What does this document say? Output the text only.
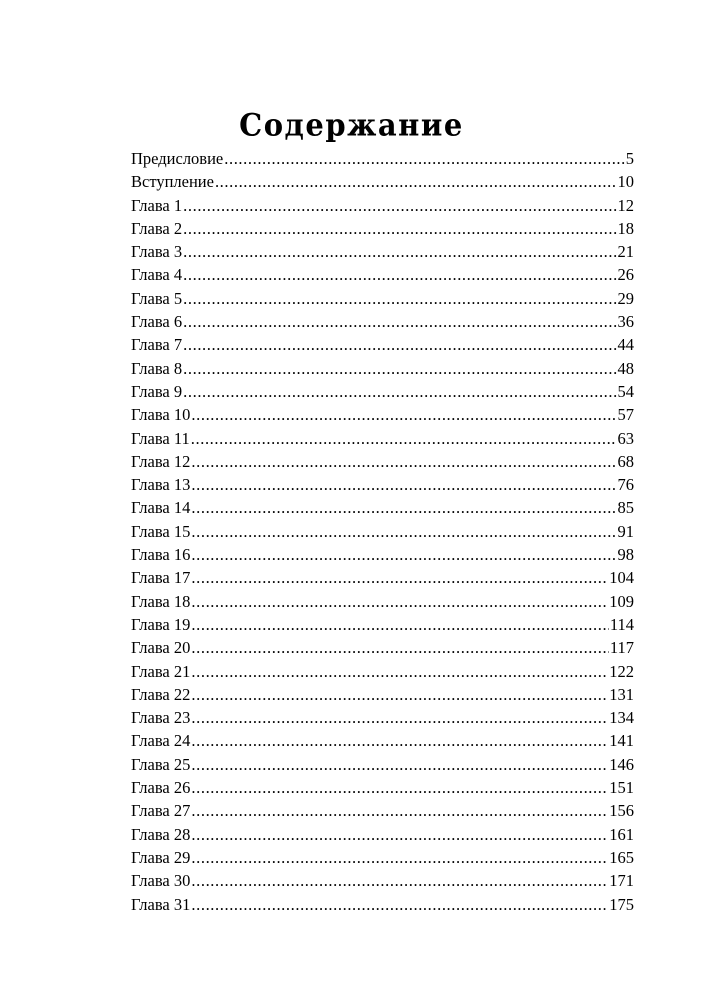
Содержание
Предисловие .....	5
Вступление .....	10
Глава 1 .....	12
Глава 2 .....	18
Глава 3 .....	21
Глава 4 .....	26
Глава 5 .....	29
Глава 6 .....	36
Глава 7 .....	44
Глава 8 .....	48
Глава 9 .....	54
Глава 10 .....	57
Глава 11 .....	63
Глава 12 .....	68
Глава 13 .....	76
Глава 14 .....	85
Глава 15 .....	91
Глава 16 .....	98
Глава 17 .....	104
Глава 18 .....	109
Глава 19 .....	114
Глава 20 .....	117
Глава 21 .....	122
Глава 22 .....	131
Глава 23 .....	134
Глава 24 .....	141
Глава 25 .....	146
Глава 26 .....	151
Глава 27 .....	156
Глава 28 .....	161
Глава 29 .....	165
Глава 30 .....	171
Глава 31 .....	175
